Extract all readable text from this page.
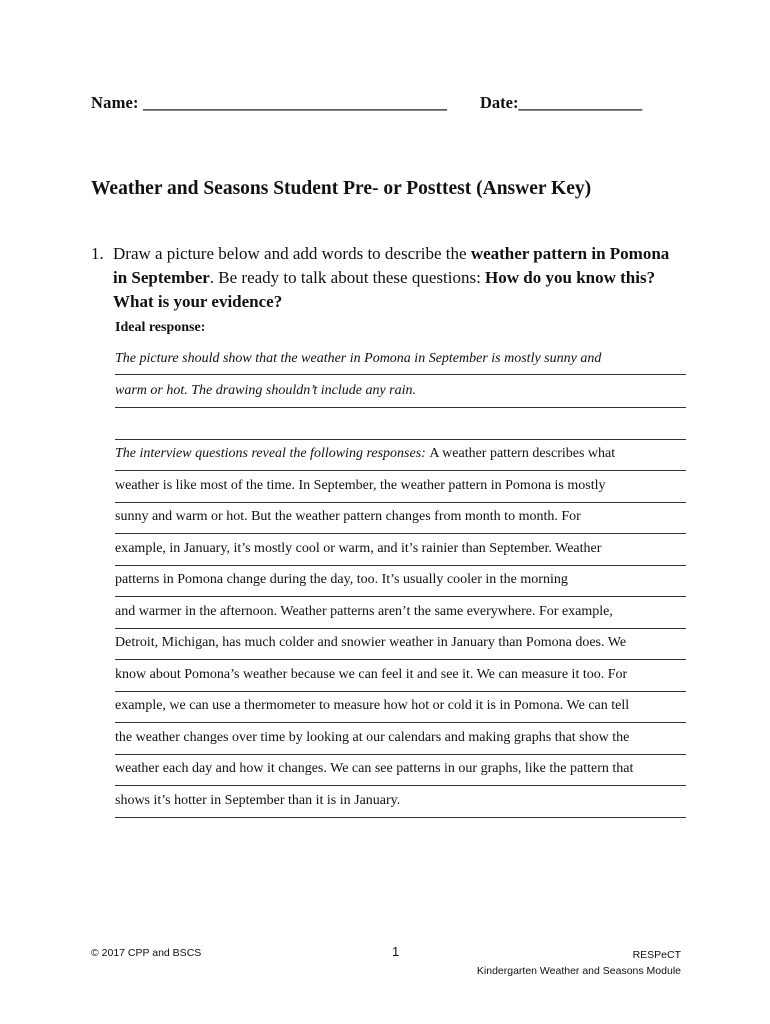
Name: ____________________________________ Date:_______________
Weather and Seasons Student Pre- or Posttest (Answer Key)
1. Draw a picture below and add words to describe the weather pattern in Pomona in September. Be ready to talk about these questions: How do you know this? What is your evidence?
Ideal response:
The picture should show that the weather in Pomona in September is mostly sunny and
warm or hot. The drawing shouldn’t include any rain.
The interview questions reveal the following responses: A weather pattern describes what
weather is like most of the time. In September, the weather pattern in Pomona is mostly
sunny and warm or hot. But the weather pattern changes from month to month. For
example, in January, it’s mostly cool or warm, and it’s rainier than September. Weather
patterns in Pomona change during the day, too. It’s usually cooler in the morning
and warmer in the afternoon. Weather patterns aren’t the same everywhere. For example,
Detroit, Michigan, has much colder and snowier weather in January than Pomona does. We
know about Pomona’s weather because we can feel it and see it. We can measure it too. For
example, we can use a thermometer to measure how hot or cold it is in Pomona. We can tell
the weather changes over time by looking at our calendars and making graphs that show the
weather each day and how it changes. We can see patterns in our graphs, like the pattern that
shows it’s hotter in September than it is in January.
© 2017 CPP and BSCS	1	RESPeCT
Kindergarten Weather and Seasons Module
